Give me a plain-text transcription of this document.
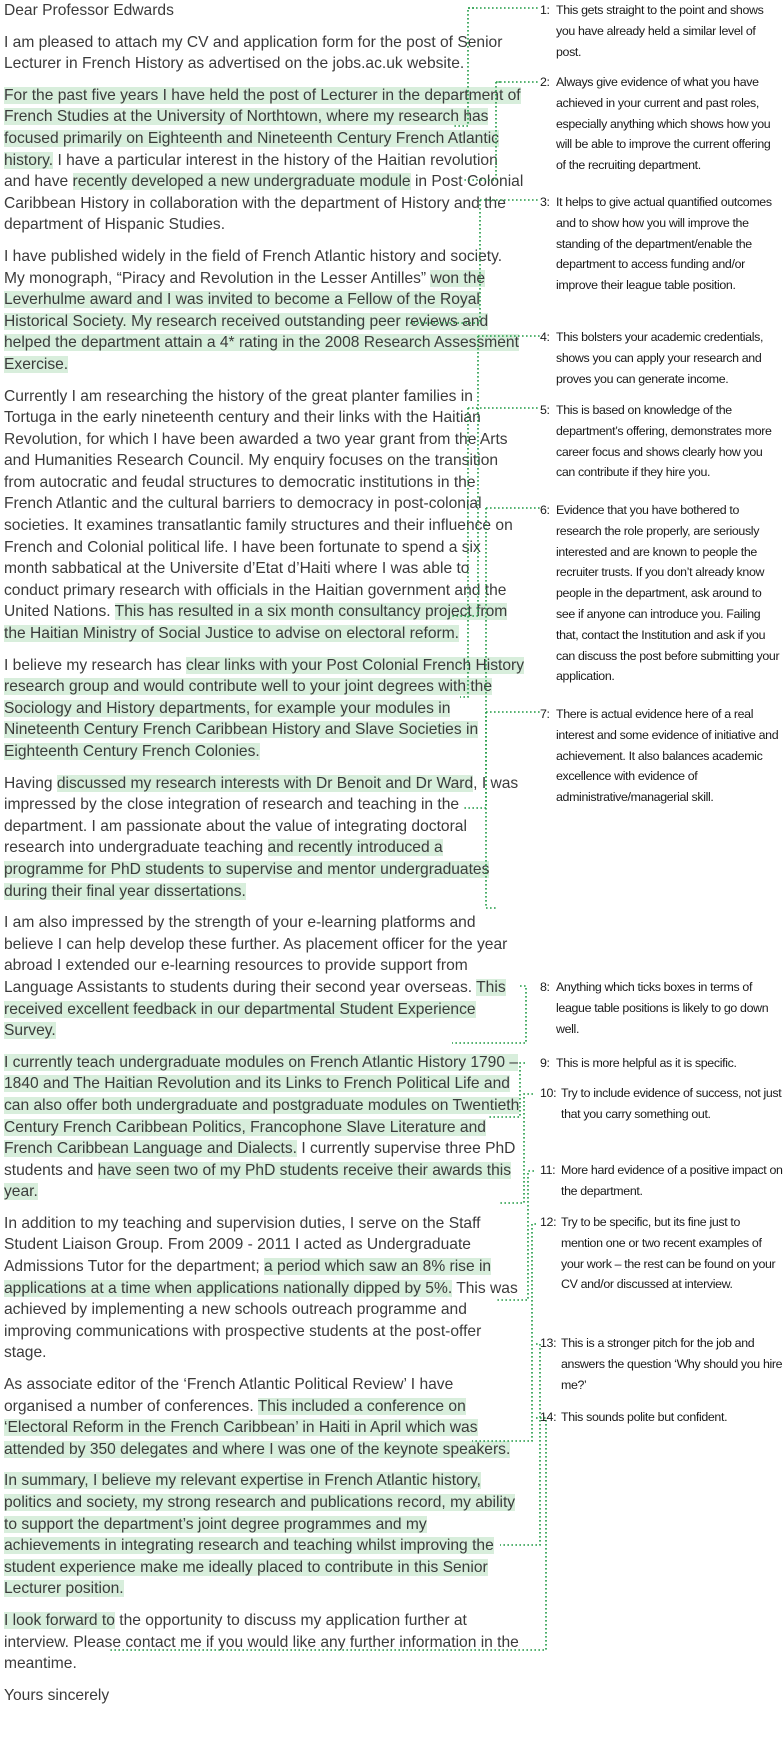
Dear Professor Edwards

I am pleased to attach my CV and application form for the post of Senior Lecturer in French History as advertised on the jobs.ac.uk website.

For the past five years I have held the post of Lecturer in the department of French Studies at the University of Northtown, where my research has focused primarily on Eighteenth and Nineteenth Century French Atlantic history. I have a particular interest in the history of the Haitian revolution and have recently developed a new undergraduate module in Post Colonial Caribbean History in collaboration with the department of History and the department of Hispanic Studies.

I have published widely in the field of French Atlantic history and society. My monograph, “Piracy and Revolution in the Lesser Antilles” won the Leverhulme award and I was invited to become a Fellow of the Royal Historical Society. My research received outstanding peer reviews and helped the department attain a 4* rating in the 2008 Research Assessment Exercise.

Currently I am researching the history of the great planter families in Tortuga in the early nineteenth century and their links with the Haitian Revolution, for which I have been awarded a two year grant from the Arts and Humanities Research Council. My enquiry focuses on the transition from autocratic and feudal structures to democratic institutions in the French Atlantic and the cultural barriers to democracy in post-colonial societies. It examines transatlantic family structures and their influence on French and Colonial political life. I have been fortunate to spend a six month sabbatical at the Universite d’Etat d’Haiti where I was able to conduct primary research with officials in the Haitian government and the United Nations. This has resulted in a six month consultancy project from the Haitian Ministry of Social Justice to advise on electoral reform.

I believe my research has clear links with your Post Colonial French History research group and would contribute well to your joint degrees with the Sociology and History departments, for example your modules in Nineteenth Century French Caribbean History and Slave Societies in Eighteenth Century French Colonies.

Having discussed my research interests with Dr Benoit and Dr Ward, I was impressed by the close integration of research and teaching in the department. I am passionate about the value of integrating doctoral research into undergraduate teaching and recently introduced a programme for PhD students to supervise and mentor undergraduates during their final year dissertations.

I am also impressed by the strength of your e-learning platforms and believe I can help develop these further. As placement officer for the year abroad I extended our e-learning resources to provide support from Language Assistants to students during their second year overseas. This received excellent feedback in our departmental Student Experience Survey.

I currently teach undergraduate modules on French Atlantic History 1790 – 1840 and The Haitian Revolution and its Links to French Political Life and can also offer both undergraduate and postgraduate modules on Twentieth Century French Caribbean Politics, Francophone Slave Literature and French Caribbean Language and Dialects. I currently supervise three PhD students and have seen two of my PhD students receive their awards this year.

In addition to my teaching and supervision duties, I serve on the Staff Student Liaison Group. From 2009 - 2011 I acted as Undergraduate Admissions Tutor for the department; a period which saw an 8% rise in applications at a time when applications nationally dipped by 5%. This was achieved by implementing a new schools outreach programme and improving communications with prospective students at the post-offer stage.

As associate editor of the ‘French Atlantic Political Review’ I have organised a number of conferences. This included a conference on ‘Electoral Reform in the French Caribbean’ in Haiti in April which was attended by 350 delegates and where I was one of the keynote speakers.

In summary, I believe my relevant expertise in French Atlantic history, politics and society, my strong research and publications record, my ability to support the department’s joint degree programmes and my achievements in integrating research and teaching whilst improving the student experience make me ideally placed to contribute in this Senior Lecturer position.

I look forward to the opportunity to discuss my application further at interview. Please contact me if you would like any further information in the meantime.

Yours sincerely

1: This gets straight to the point and shows you have already held a similar level of post.
2: Always give evidence of what you have achieved in your current and past roles, especially anything which shows how you will be able to improve the current offering of the recruiting department.
3: It helps to give actual quantified outcomes and to show how you will improve the standing of the department/enable the department to access funding and/or improve their league table position.
4: This bolsters your academic credentials, shows you can apply your research and proves you can generate income.
5: This is based on knowledge of the department’s offering, demonstrates more career focus and shows clearly how you can contribute if they hire you.
6: Evidence that you have bothered to research the role properly, are seriously interested and are known to people the recruiter trusts. If you don’t already know people in the department, ask around to see if anyone can introduce you. Failing that, contact the Institution and ask if you can discuss the post before submitting your application.
7: There is actual evidence here of a real interest and some evidence of initiative and achievement. It also balances academic excellence with evidence of administrative/managerial skill.
8: Anything which ticks boxes in terms of league table positions is likely to go down well.
9: This is more helpful as it is specific.
10: Try to include evidence of success, not just that you carry something out.
11: More hard evidence of a positive impact on the department.
12: Try to be specific, but its fine just to mention one or two recent examples of your work – the rest can be found on your CV and/or discussed at interview.
13: This is a stronger pitch for the job and answers the question ‘Why should you hire me?’
14: This sounds polite but confident.
